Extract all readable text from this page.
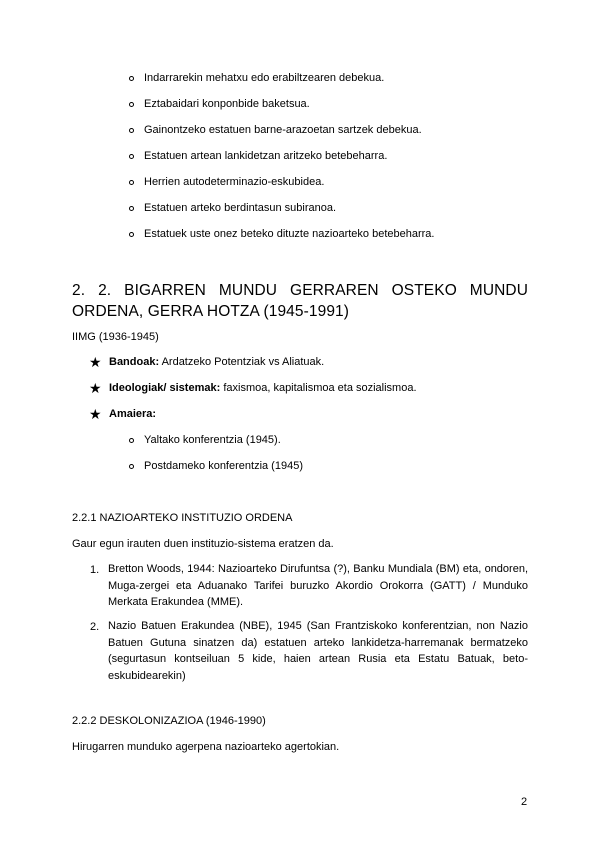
Indarrarekin mehatxu edo erabiltzearen debekua.
Eztabaidari konponbide baketsua.
Gainontzeko estatuen barne-arazoetan sartzek debekua.
Estatuen artean lankidetzan aritzeko betebeharra.
Herrien autodeterminazio-eskubidea.
Estatuen arteko berdintasun subiranoa.
Estatuek uste onez beteko dituzte nazioarteko betebeharra.
2. 2. BIGARREN MUNDU GERRAREN OSTEKO MUNDU ORDENA, GERRA HOTZA (1945-1991)
IIMG (1936-1945)
★ Bandoak: Ardatzeko Potentziak vs Aliatuak.
★ Ideologiak/ sistemak: faxismoa, kapitalismoa eta sozialismoa.
★ Amaiera:
Yaltako konferentzia (1945).
Postdameko konferentzia (1945)
2.2.1 NAZIOARTEKO INSTITUZIO ORDENA
Gaur egun irauten duen instituzio-sistema eratzen da.
1. Bretton Woods, 1944: Nazioarteko Dirufuntsa (?), Banku Mundiala (BM) eta, ondoren, Muga-zergei eta Aduanako Tarifei buruzko Akordio Orokorra (GATT) / Munduko Merkata Erakundea (MME).
2. Nazio Batuen Erakundea (NBE), 1945 (San Frantziskoko konferentzian, non Nazio Batuen Gutuna sinatzen da) estatuen arteko lankidetza-harremanak bermatzeko (segurtasun kontseiluan 5 kide, haien artean Rusia eta Estatu Batuak, beto-eskubidearekin)
2.2.2 DESKOLONIZAZIOA (1946-1990)
Hirugarren munduko agerpena nazioarteko agertokian.
2
